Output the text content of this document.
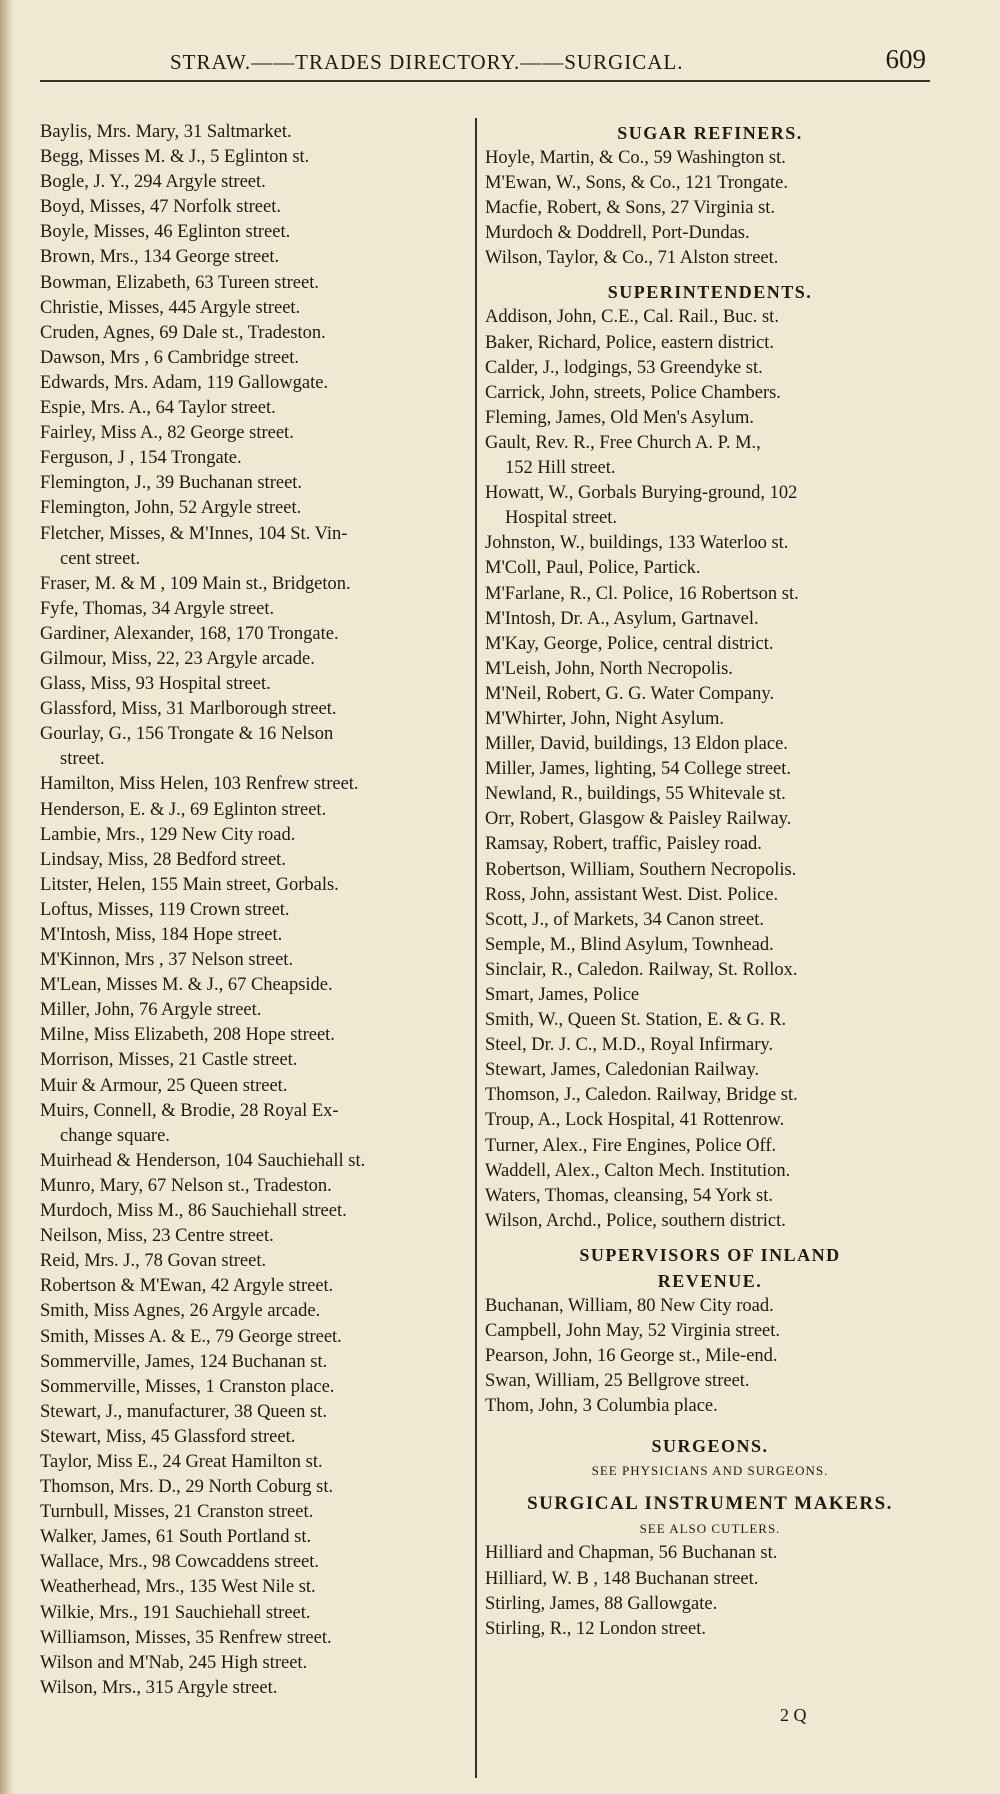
STRAW.——TRADES DIRECTORY.——SURGICAL.	609
Baylis, Mrs. Mary, 31 Saltmarket.
Begg, Misses M. & J., 5 Eglinton st.
Bogle, J. Y., 294 Argyle street.
Boyd, Misses, 47 Norfolk street.
Boyle, Misses, 46 Eglinton street.
Brown, Mrs., 134 George street.
Bowman, Elizabeth, 63 Tureen street.
Christie, Misses, 445 Argyle street.
Cruden, Agnes, 69 Dale st., Tradeston.
Dawson, Mrs , 6 Cambridge street.
Edwards, Mrs. Adam, 119 Gallowgate.
Espie, Mrs. A., 64 Taylor street.
Fairley, Miss A., 82 George street.
Ferguson, J , 154 Trongate.
Flemington, J., 39 Buchanan street.
Flemington, John, 52 Argyle street.
Fletcher, Misses, & M'Innes, 104 St. Vin-
cent street.
Fraser, M. & M , 109 Main st., Bridgeton.
Fyfe, Thomas, 34 Argyle street.
Gardiner, Alexander, 168, 170 Trongate.
Gilmour, Miss, 22, 23 Argyle arcade.
Glass, Miss, 93 Hospital street.
Glassford, Miss, 31 Marlborough street.
Gourlay, G., 156 Trongate & 16 Nelson
street.
Hamilton, Miss Helen, 103 Renfrew street.
Henderson, E. & J., 69 Eglinton street.
Lambie, Mrs., 129 New City road.
Lindsay, Miss, 28 Bedford street.
Litster, Helen, 155 Main street, Gorbals.
Loftus, Misses, 119 Crown street.
M'Intosh, Miss, 184 Hope street.
M'Kinnon, Mrs , 37 Nelson street.
M'Lean, Misses M. & J., 67 Cheapside.
Miller, John, 76 Argyle street.
Milne, Miss Elizabeth, 208 Hope street.
Morrison, Misses, 21 Castle street.
Muir & Armour, 25 Queen street.
Muirs, Connell, & Brodie, 28 Royal Ex-
change square.
Muirhead & Henderson, 104 Sauchiehall st.
Munro, Mary, 67 Nelson st., Tradeston.
Murdoch, Miss M., 86 Sauchiehall street.
Neilson, Miss, 23 Centre street.
Reid, Mrs. J., 78 Govan street.
Robertson & M'Ewan, 42 Argyle street.
Smith, Miss Agnes, 26 Argyle arcade.
Smith, Misses A. & E., 79 George street.
Sommerville, James, 124 Buchanan st.
Sommerville, Misses, 1 Cranston place.
Stewart, J., manufacturer, 38 Queen st.
Stewart, Miss, 45 Glassford street.
Taylor, Miss E., 24 Great Hamilton st.
Thomson, Mrs. D., 29 North Coburg st.
Turnbull, Misses, 21 Cranston street.
Walker, James, 61 South Portland st.
Wallace, Mrs., 98 Cowcaddens street.
Weatherhead, Mrs., 135 West Nile st.
Wilkie, Mrs., 191 Sauchiehall street.
Williamson, Misses, 35 Renfrew street.
Wilson and M'Nab, 245 High street.
Wilson, Mrs., 315 Argyle street.
SUGAR REFINERS.
Hoyle, Martin, & Co., 59 Washington st.
M'Ewan, W., Sons, & Co., 121 Trongate.
Macfie, Robert, & Sons, 27 Virginia st.
Murdoch & Doddrell, Port-Dundas.
Wilson, Taylor, & Co., 71 Alston street.
SUPERINTENDENTS.
Addison, John, C.E., Cal. Rail., Buc. st.
Baker, Richard, Police, eastern district.
Calder, J., lodgings, 53 Greendyke st.
Carrick, John, streets, Police Chambers.
Fleming, James, Old Men's Asylum.
Gault, Rev. R., Free Church A. P. M.,
152 Hill street.
Howatt, W., Gorbals Burying-ground, 102
Hospital street.
Johnston, W., buildings, 133 Waterloo st.
M'Coll, Paul, Police, Partick.
M'Farlane, R., Cl. Police, 16 Robertson st.
M'Intosh, Dr. A., Asylum, Gartnavel.
M'Kay, George, Police, central district.
M'Leish, John, North Necropolis.
M'Neil, Robert, G. G. Water Company.
M'Whirter, John, Night Asylum.
Miller, David, buildings, 13 Eldon place.
Miller, James, lighting, 54 College street.
Newland, R., buildings, 55 Whitevale st.
Orr, Robert, Glasgow & Paisley Railway.
Ramsay, Robert, traffic, Paisley road.
Robertson, William, Southern Necropolis.
Ross, John, assistant West. Dist. Police.
Scott, J., of Markets, 34 Canon street.
Semple, M., Blind Asylum, Townhead.
Sinclair, R., Caledon. Railway, St. Rollox.
Smart, James, Police
Smith, W., Queen St. Station, E. & G. R.
Steel, Dr. J. C., M.D., Royal Infirmary.
Stewart, James, Caledonian Railway.
Thomson, J., Caledon. Railway, Bridge st.
Troup, A., Lock Hospital, 41 Rottenrow.
Turner, Alex., Fire Engines, Police Off.
Waddell, Alex., Calton Mech. Institution.
Waters, Thomas, cleansing, 54 York st.
Wilson, Archd., Police, southern district.
SUPERVISORS OF INLAND
REVENUE.
Buchanan, William, 80 New City road.
Campbell, John May, 52 Virginia street.
Pearson, John, 16 George st., Mile-end.
Swan, William, 25 Bellgrove street.
Thom, John, 3 Columbia place.
SURGEONS.
SEE PHYSICIANS AND SURGEONS.
SURGICAL INSTRUMENT MAKERS.
SEE ALSO CUTLERS.
Hilliard and Chapman, 56 Buchanan st.
Hilliard, W. B , 148 Buchanan street.
Stirling, James, 88 Gallowgate.
Stirling, R., 12 London street.
2 Q
